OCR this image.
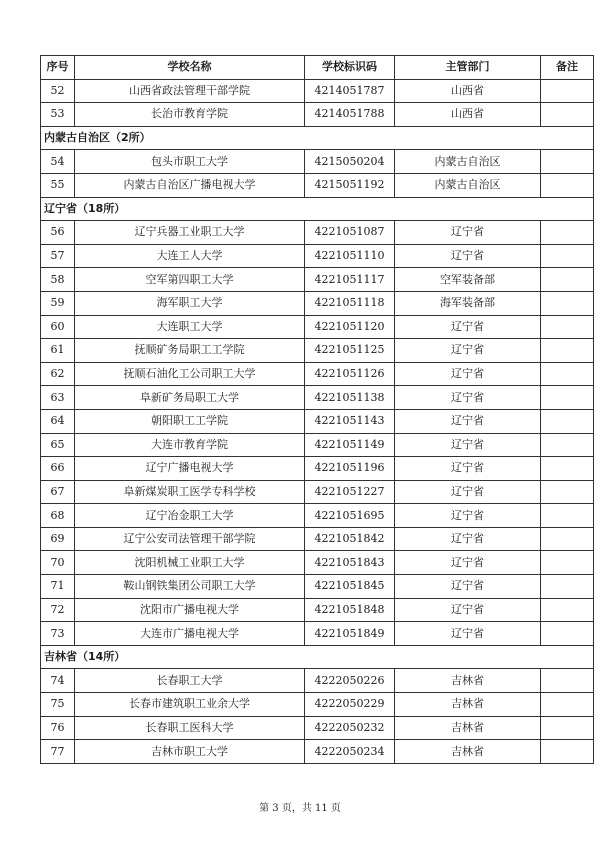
序号	学校名称	学校标识码	主管部门	备注
52	山西省政法管理干部学院	4214051787	山西省	
53	长治市教育学院	4214051788	山西省	
内蒙古自治区（2所）				
54	包头市职工大学	4215050204	内蒙古自治区	
55	内蒙古自治区广播电视大学	4215051192	内蒙古自治区	
辽宁省（18所）				
56	辽宁兵器工业职工大学	4221051087	辽宁省	
57	大连工人大学	4221051110	辽宁省	
58	空军第四职工大学	4221051117	空军装备部	
59	海军职工大学	4221051118	海军装备部	
60	大连职工大学	4221051120	辽宁省	
61	抚顺矿务局职工工学院	4221051125	辽宁省	
62	抚顺石油化工公司职工大学	4221051126	辽宁省	
63	阜新矿务局职工大学	4221051138	辽宁省	
64	朝阳职工工学院	4221051143	辽宁省	
65	大连市教育学院	4221051149	辽宁省	
66	辽宁广播电视大学	4221051196	辽宁省	
67	阜新煤炭职工医学专科学校	4221051227	辽宁省	
68	辽宁冶金职工大学	4221051695	辽宁省	
69	辽宁公安司法管理干部学院	4221051842	辽宁省	
70	沈阳机械工业职工大学	4221051843	辽宁省	
71	鞍山钢铁集团公司职工大学	4221051845	辽宁省	
72	沈阳市广播电视大学	4221051848	辽宁省	
73	大连市广播电视大学	4221051849	辽宁省	
吉林省（14所）				
74	长春职工大学	4222050226	吉林省	
75	长春市建筑职工业余大学	4222050229	吉林省	
76	长春职工医科大学	4222050232	吉林省	
77	吉林市职工大学	4222050234	吉林省	
第 3 页，共 11 页
